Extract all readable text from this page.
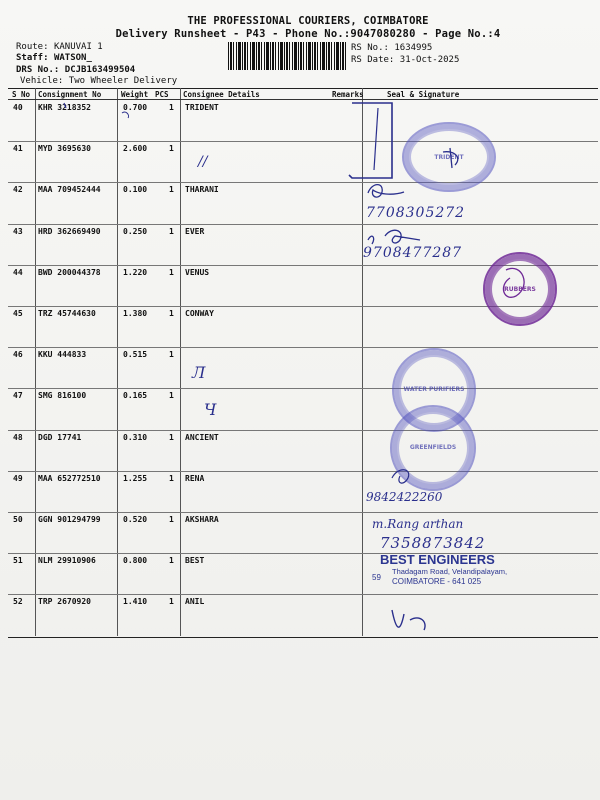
THE PROFESSIONAL COURIERS, COIMBATORE
Delivery Runsheet - P43 - Phone No.:9047080280 - Page No.:4
Route: KANUVAI 1
Staff: WATSON_
DRS No.: DCJB163499504
Vehicle: Two Wheeler Delivery
RS No.: 1634995
RS Date: 31-Oct-2025
S No Consignment No	Weight PCS Consignee Details	Remarks	Seal & Signature
40 KHR 3218352	0.700	1 TRIDENT
41 MYD 3695630	2.600	1
42 MAA 709452444	0.100	1 THARANI
43 HRD 362669490	0.250	1 EVER
44 BWD 200044378	1.220	1 VENUS
45 TRZ 45744630	1.380	1 CONWAY
46 KKU 444833	0.515	1
47 SMG 816100	0.165	1
48 DGD 17741	0.310	1 ANCIENT
49 MAA 652772510	1.255	1 RENA
50 GGN 901294799	0.520	1 AKSHARA
51 NLM 29910906	0.800	1 BEST
52 TRP 2670920	1.410	1 ANIL
TRIDENT
RUBBERS
WATER PURIFIERS
GREENFIELDS
BEST ENGINEERS
59
Thadagam Road, Velandipalayam,
COIMBATORE - 641 025
7708305272
9708477287
9842422260
m.Rang arthan
7358873842
//
Л
Ч
